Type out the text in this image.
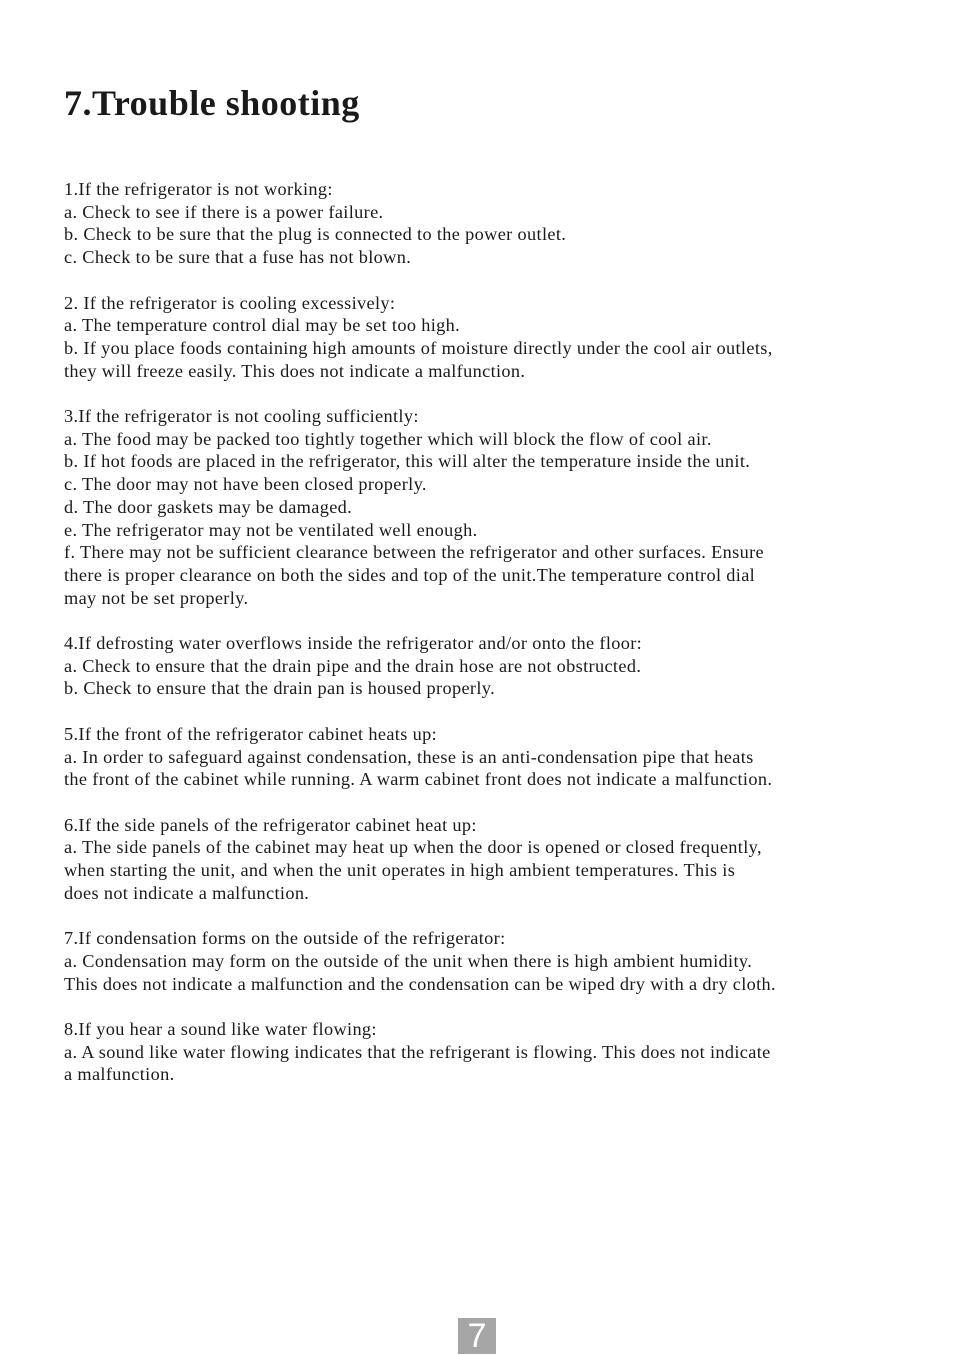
7.Trouble shooting
1.If the refrigerator is not working:
a. Check to see if there is a power failure.
b. Check to be sure that the plug is connected to the power outlet.
c. Check to be sure that a fuse has not blown.
2. If the refrigerator is cooling excessively:
a. The temperature control dial may be set too high.
b. If you place foods containing high amounts of moisture directly under the cool air outlets,
they will freeze easily. This does not indicate a malfunction.
3.If the refrigerator is not cooling sufficiently:
a. The food may be packed too tightly together which will block the flow of cool air.
b. If hot foods are placed in the refrigerator, this will alter the temperature inside the unit.
c. The door may not have been closed properly.
d. The door gaskets may be damaged.
e. The refrigerator may not be ventilated well enough.
f. There may not be sufficient clearance between the refrigerator and other surfaces. Ensure
there is proper clearance on both the sides and top of the unit.The temperature control dial
may not be set properly.
4.If defrosting water overflows inside the refrigerator and/or onto the floor:
a. Check to ensure that the drain pipe and the drain hose are not obstructed.
b. Check to ensure that the drain pan is housed properly.
5.If the front of the refrigerator cabinet heats up:
a. In order to safeguard against condensation, these is an anti-condensation pipe that heats
the front of the cabinet while running. A warm cabinet front does not indicate a malfunction.
6.If the side panels of the refrigerator cabinet heat up:
a. The side panels of the cabinet may heat up when the door is opened or closed frequently,
when starting the unit, and when the unit operates in high ambient temperatures. This is
does not indicate a malfunction.
7.If condensation forms on the outside of the refrigerator:
a. Condensation may form on the outside of the unit when there is high ambient humidity.
This does not indicate a malfunction and the condensation can be wiped dry with a dry cloth.
8.If you hear a sound like water flowing:
a. A sound like water flowing indicates that the refrigerant is flowing. This does not indicate
a malfunction.
7
